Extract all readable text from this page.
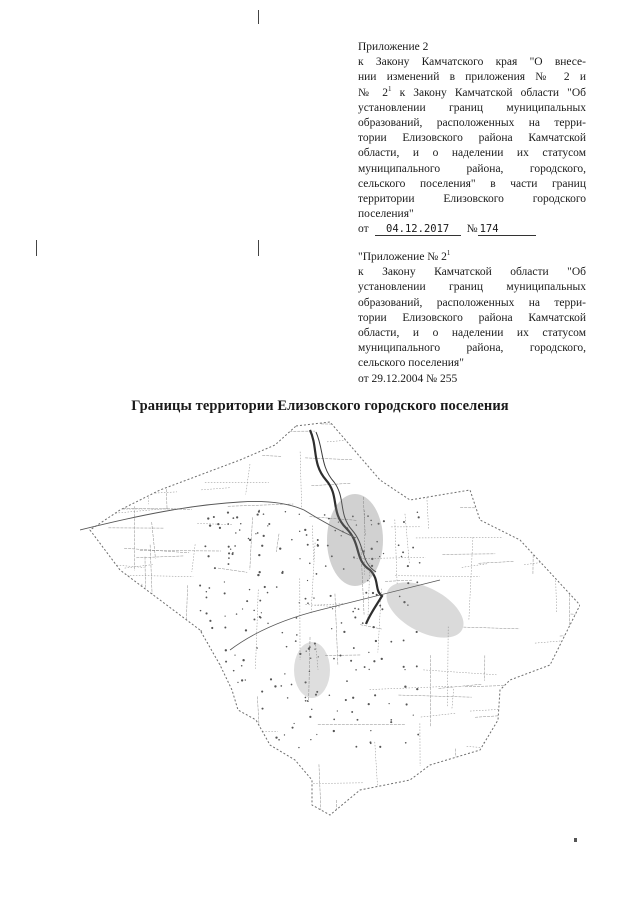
Приложение 2
к Закону Камчатского края "О внесе-
нии изменений в приложения № 2 и
№ $2^1$ к Закону Камчатской области "Об
установлении границ муниципальных
образований, расположенных на терри-
тории Елизовского района Камчатской
области, и о наделении их статусом
муниципального района, городского,
сельского поселения" в части границ
территории Елизовского городского
поселения"
от 04.12.2017 № 174
"Приложение № $2^1$
к Закону Камчатской области "Об
установлении границ муниципальных
образований, расположенных на терри-
тории Елизовского района Камчатской
области, и о наделении их статусом
муниципального района, городского,
сельского поселения"
от 29.12.2004 № 255
Границы территории Елизовского городского поселения
